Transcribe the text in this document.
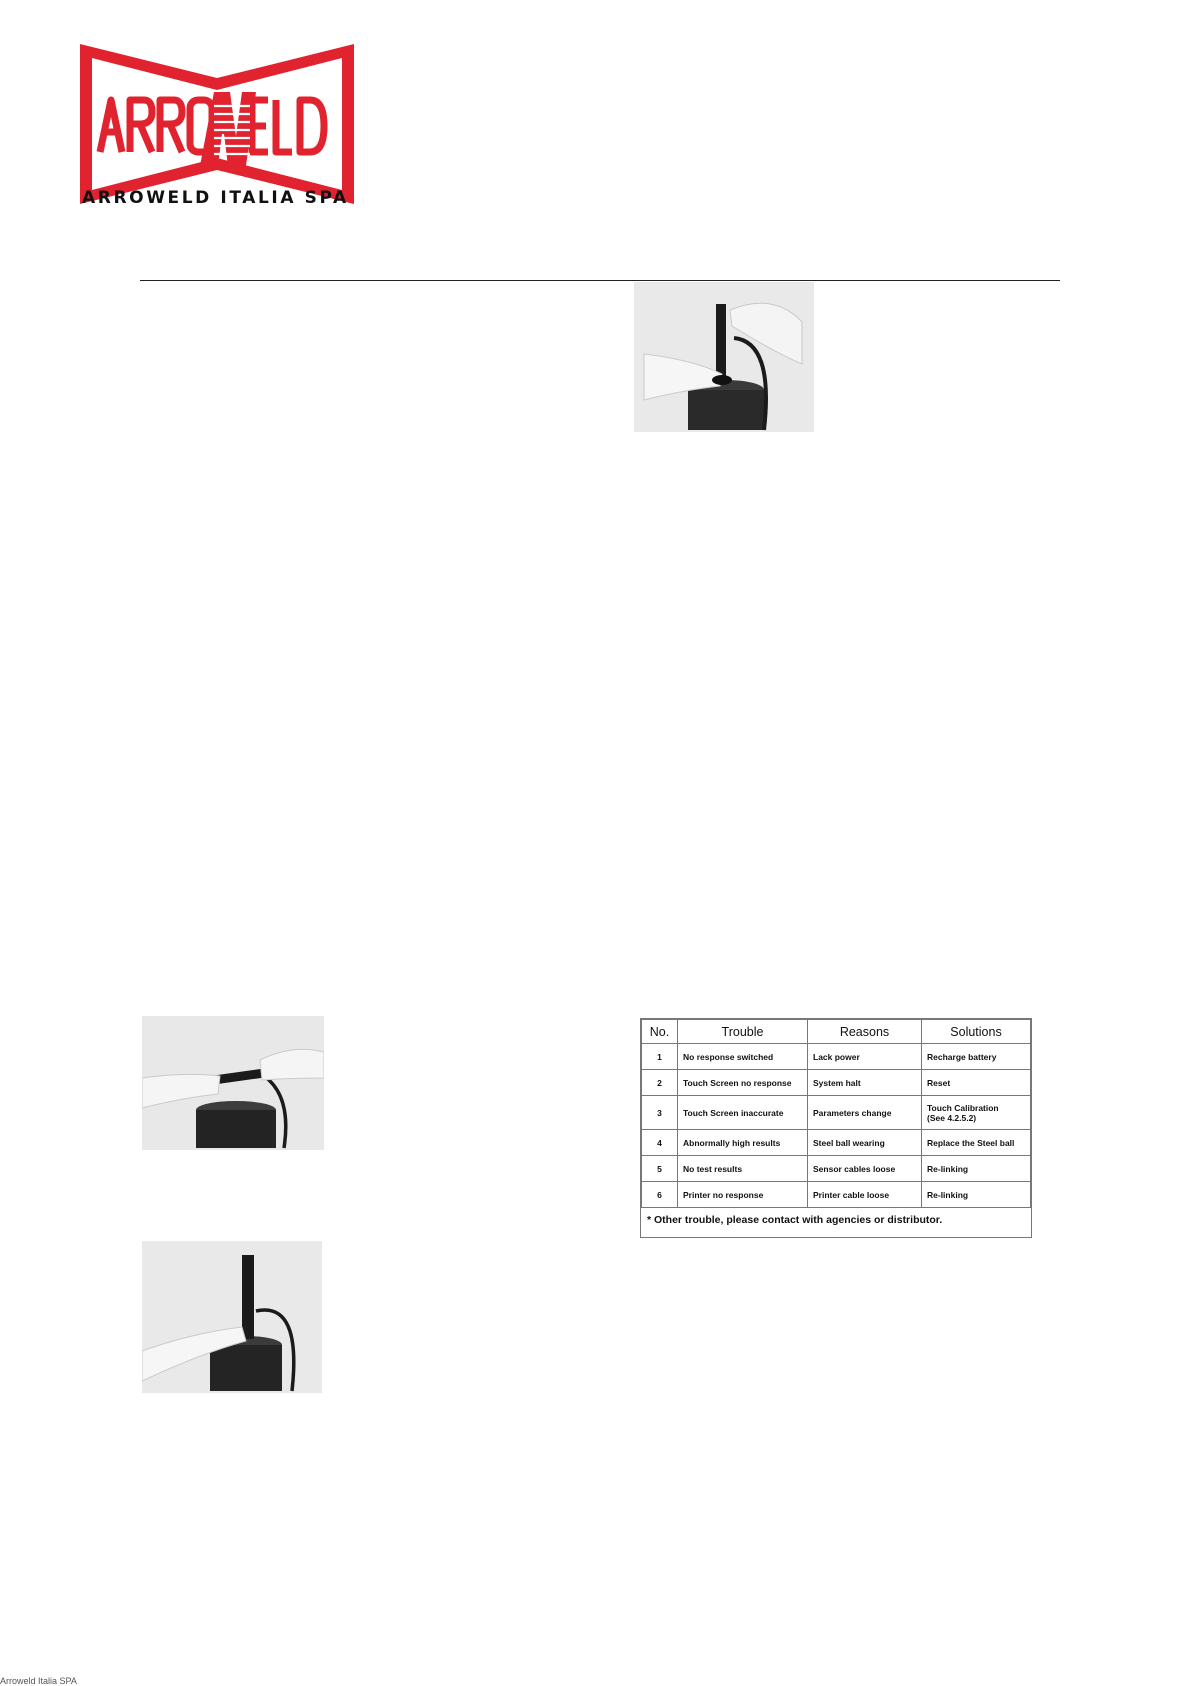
ARROWELD ITALIA SPA
No.	Trouble	Reasons	Solutions
1	No response switched	Lack power	Recharge battery
2	Touch Screen no response	System halt	Reset
3	Touch Screen inaccurate	Parameters change	Touch Calibration
(See 4.2.5.2)

4	Abnormally high results	Steel ball wearing	Replace the Steel ball
5	No test results	Sensor cables loose	Re-linking
6	Printer no response	Printer cable loose	Re-linking
* Other trouble, please contact with agencies or distributor.
Arroweld Italia SPA
